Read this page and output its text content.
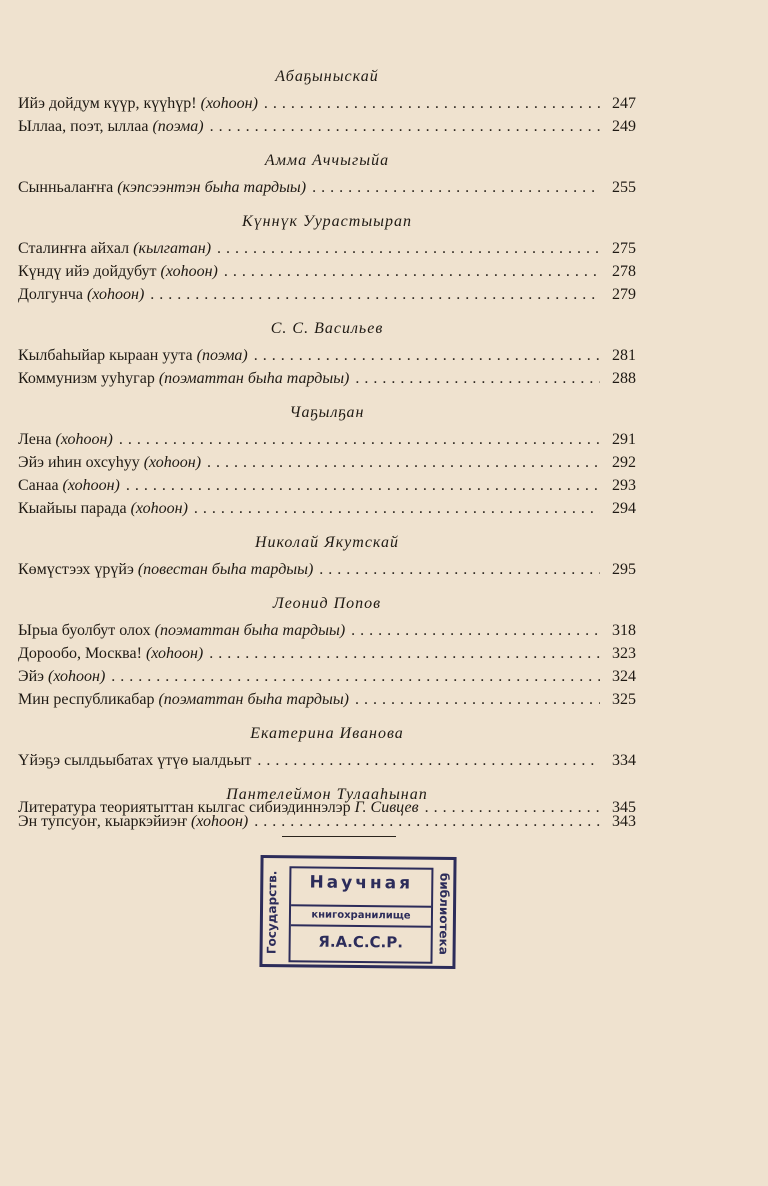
Абаҕыныскай
Ийэ дойдум күүр, күүһүр! (хоһоон) .....	247
Ыллаа, поэт, ыллаа (поэма) .....	249
Амма Аччыгыйа
Сынньалаҥҥа (кэпсээнтэн быһа тардыы) .....	255
Күннүк Уурастыырап
Сталиҥҥа айхал (кылгатан) .....	275
Күндү ийэ дойдубут (хоһоон) .....	278
Долгунча (хоһоон) .....	279
С. С. Васильев
Кылбаһыйар кыраан уута (поэма) .....	281
Коммунизм ууһугар (поэматтан быһа тардыы) .....	288
Чаҕылҕан
Лена (хоһоон) .....	291
Эйэ иһин охсуһуу (хоһоон) .....	292
Санаа (хоһоон) .....	293
Кыайыы парада (хоһоон) .....	294
Николай Якутскай
Көмүстээх үрүйэ (повестан быһа тардыы) .....	295
Леонид Попов
Ырыа буолбут олох (поэматтан быһа тардыы) .....	318
Дорообо, Москва! (хоһоон) .....	323
Эйэ (хоһоон) .....	324
Мин республикабар (поэматтан быһа тардыы) .....	325
Екатерина Иванова
Үйэҕэ сылдьыбатах үтүө ыалдьыт .....	334
Пантелеймон Тулааһынап
Эн тупсуоҥ, кыаркэйиэҥ (хоһоон) .....	343
Литература теориятыттан кылгас сибиэдиннэлэр Г. Сивцев .....	345
Государств.	Научная
книгохранилище
Я.А.С.С.Р.	библиотека
